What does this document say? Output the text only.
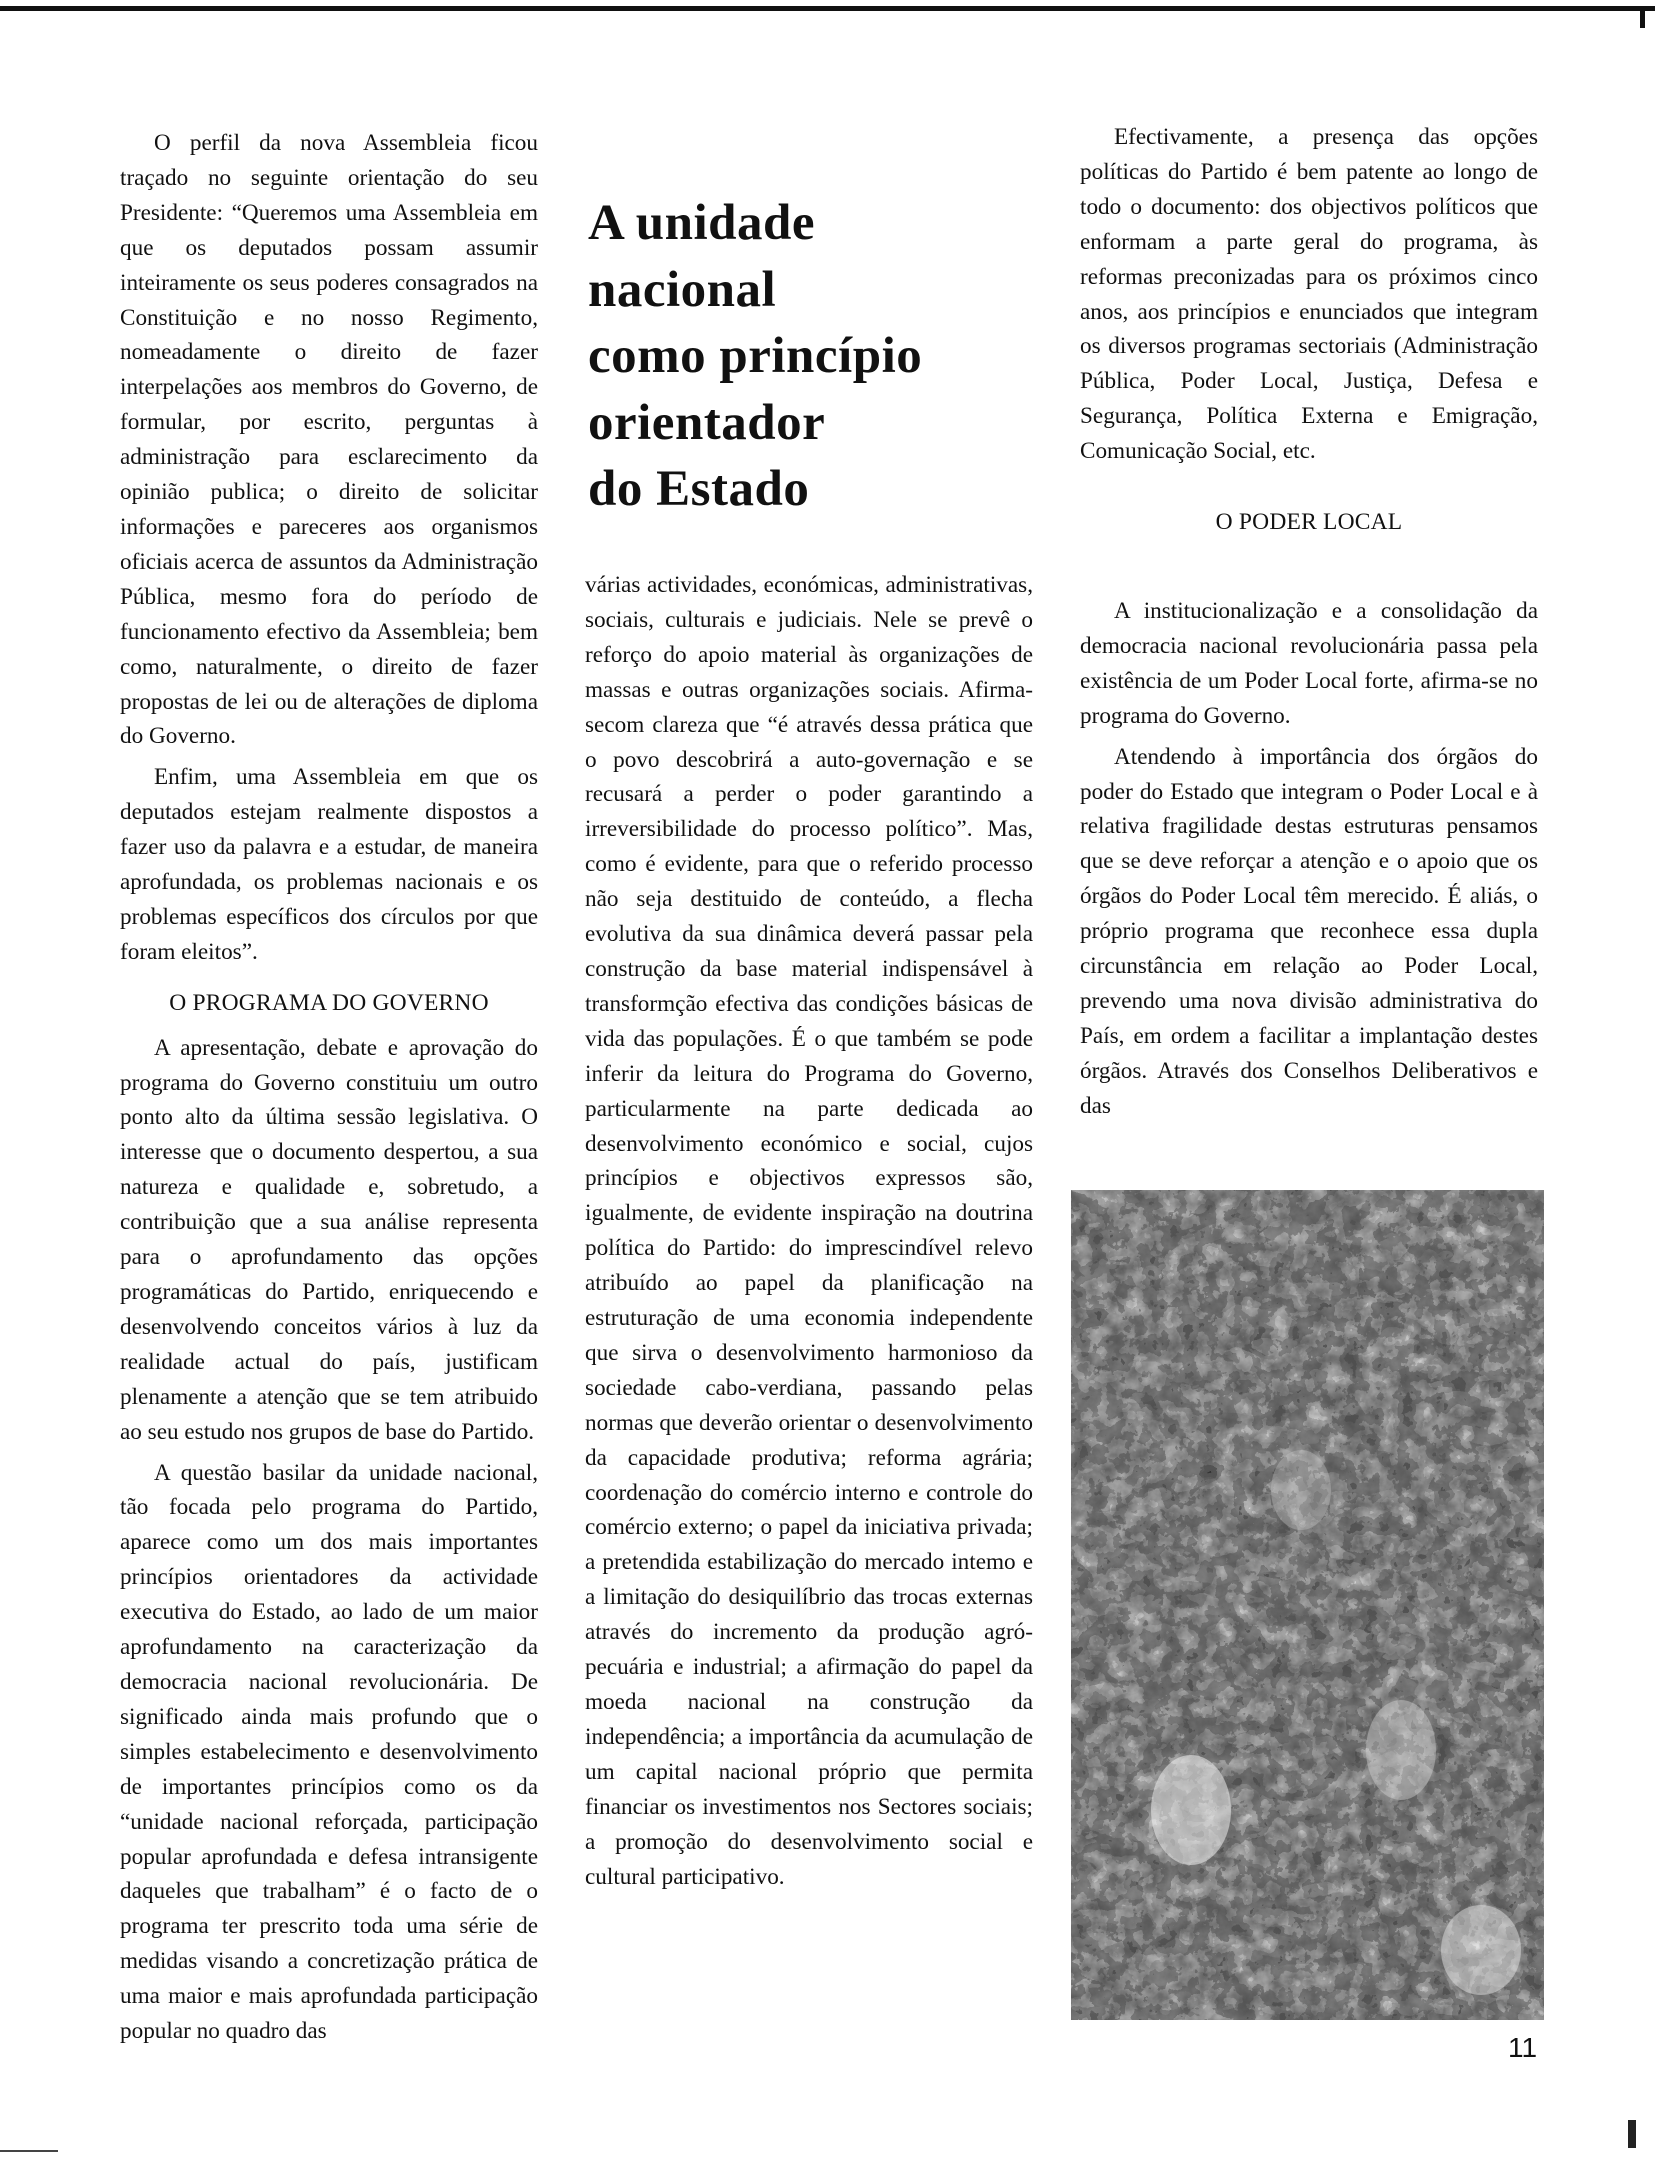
O perfil da nova Assembleia ficou traçado no seguinte orientação do seu Presidente: “Queremos uma Assembleia em que os deputados possam assumir inteiramente os seus poderes consagrados na Constituição e no nosso Regimento, nomeadamente o direito de fazer interpelações aos membros do Governo, de formular, por escrito, perguntas à administração para esclarecimento da opinião publica; o direito de solicitar informações e pareceres aos organismos oficiais acerca de assuntos da Administração Pública, mesmo fora do período de funcionamento efectivo da Assembleia; bem como, naturalmente, o direito de fazer propostas de lei ou de alterações de diploma do Governo.

Enfim, uma Assembleia em que os deputados estejam realmente dispostos a fazer uso da palavra e a estudar, de maneira aprofundada, os problemas nacionais e os problemas específicos dos círculos por que foram eleitos”.

O PROGRAMA DO GOVERNO

A apresentação, debate e aprovação do programa do Governo constituiu um outro ponto alto da última sessão legislativa. O interesse que o documento despertou, a sua natureza e qualidade e, sobretudo, a contribuição que a sua análise representa para o aprofundamento das opções programáticas do Partido, enriquecendo e desenvolvendo conceitos vários à luz da realidade actual do país, justificam plenamente a atenção que se tem atribuido ao seu estudo nos grupos de base do Partido.

A questão basilar da unidade nacional, tão focada pelo programa do Partido, aparece como um dos mais importantes princípios orientadores da actividade executiva do Estado, ao lado de um maior aprofundamento na caracterização da democracia nacional revolucionária. De significado ainda mais profundo que o simples estabelecimento e desenvolvimento de importantes princípios como os da “unidade nacional reforçada, participação popular aprofundada e defesa intransigente daqueles que trabalham” é o facto de o programa ter prescrito toda uma série de medidas visando a concretização prática de uma maior e mais aprofundada participação popular no quadro das

A unidade
nacional
como princípio
orientador
do Estado

várias actividades, económicas, administrativas, sociais, culturais e judiciais. Nele se prevê o reforço do apoio material às organizações de massas e outras organizações sociais. Afirma-secom clareza que “é através dessa prática que o povo descobrirá a auto-governação e se recusará a perder o poder garantindo a irreversibilidade do processo político”. Mas, como é evidente, para que o referido processo não seja destituido de conteúdo, a flecha evolutiva da sua dinâmica deverá passar pela construção da base material indispensável à transformção efectiva das condições básicas de vida das populações. É o que também se pode inferir da leitura do Programa do Governo, particularmente na parte dedicada ao desenvolvimento económico e social, cujos princípios e objectivos expressos são, igualmente, de evidente inspiração na doutrina política do Partido: do imprescindível relevo atribuído ao papel da planificação na estruturação de uma economia independente que sirva o desenvolvimento harmonioso da sociedade cabo-verdiana, passando pelas normas que deverão orientar o desenvolvimento da capacidade produtiva; reforma agrária; coordenação do comércio interno e controle do comércio externo; o papel da iniciativa privada; a pretendida estabilização do mercado intemo e a limitação do desiquilíbrio das trocas externas através do incremento da produção agró-pecuária e industrial; a afirmação do papel da moeda nacional na construção da independência; a importância da acumulação de um capital nacional próprio que permita financiar os investimentos nos Sectores sociais; a promoção do desenvolvimento social e cultural participativo.

Efectivamente, a presença das opções políticas do Partido é bem patente ao longo de todo o documento: dos objectivos políticos que enformam a parte geral do programa, às reformas preconizadas para os próximos cinco anos, aos princípios e enunciados que integram os diversos programas sectoriais (Administração Pública, Poder Local, Justiça, Defesa e Segurança, Política Externa e Emigração, Comunicação Social, etc.

O PODER LOCAL

A institucionalização e a consolidação da democracia nacional revolucionária passa pela existência de um Poder Local forte, afirma-se no programa do Governo.

Atendendo à importância dos órgãos do poder do Estado que integram o Poder Local e à relativa fragilidade destas estruturas pensamos que se deve reforçar a atenção e o apoio que os órgãos do Poder Local têm merecido. É aliás, o próprio programa que reconhece essa dupla circunstância em relação ao Poder Local, prevendo uma nova divisão administrativa do País, em ordem a facilitar a implantação destes órgãos. Através dos Conselhos Deliberativos e das

11
